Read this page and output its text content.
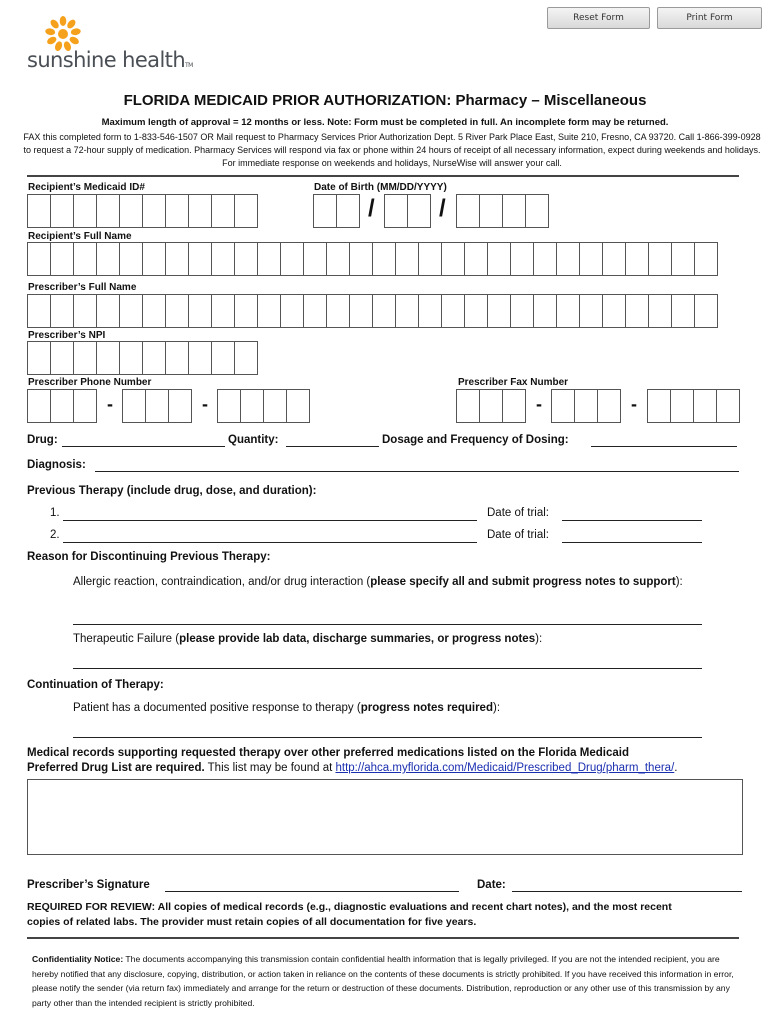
Reset Form	Print Form
sunshine healthTM
FLORIDA MEDICAID PRIOR AUTHORIZATION: Pharmacy – Miscellaneous
Maximum length of approval = 12 months or less. Note: Form must be completed in full. An incomplete form may be returned.
FAX this completed form to 1-833-546-1507 OR Mail request to Pharmacy Services Prior Authorization Dept. 5 River Park Place East, Suite 210, Fresno, CA 93720. Call 1-866-399-0928 to request a 72-hour supply of medication. Pharmacy Services will respond via fax or phone within 24 hours of receipt of all necessary information, expect during weekends and holidays. For immediate response on weekends and holidays, NurseWise will answer your call.
Recipient’s Medicaid ID#	Date of Birth (MM/DD/YYYY)
/	/
Recipient’s Full Name
Prescriber’s Full Name
Prescriber’s NPI
Prescriber Phone Number	Prescriber Fax Number
-	-	-	-
Drug:	Quantity:	Dosage and Frequency of Dosing:
Diagnosis:
Previous Therapy (include drug, dose, and duration):
1.	Date of trial:
2.	Date of trial:
Reason for Discontinuing Previous Therapy:
Allergic reaction, contraindication, and/or drug interaction (please specify all and submit progress notes to support):
Therapeutic Failure (please provide lab data, discharge summaries, or progress notes):
Continuation of Therapy:
Patient has a documented positive response to therapy (progress notes required):
Medical records supporting requested therapy over other preferred medications listed on the Florida Medicaid
Preferred Drug List are required. This list may be found at http://ahca.myflorida.com/Medicaid/Prescribed_Drug/pharm_thera/.
Prescriber’s Signature	Date:
REQUIRED FOR REVIEW: All copies of medical records (e.g., diagnostic evaluations and recent chart notes), and the most recent
copies of related labs. The provider must retain copies of all documentation for five years.
Confidentiality Notice: The documents accompanying this transmission contain confidential health information that is legally privileged. If you are not the intended recipient, you are hereby notified that any disclosure, copying, distribution, or action taken in reliance on the contents of these documents is strictly prohibited. If you have received this information in error, please notify the sender (via return fax) immediately and arrange for the return or destruction of these documents. Distribution, reproduction or any other use of this transmission by any party other than the intended recipient is strictly prohibited.
